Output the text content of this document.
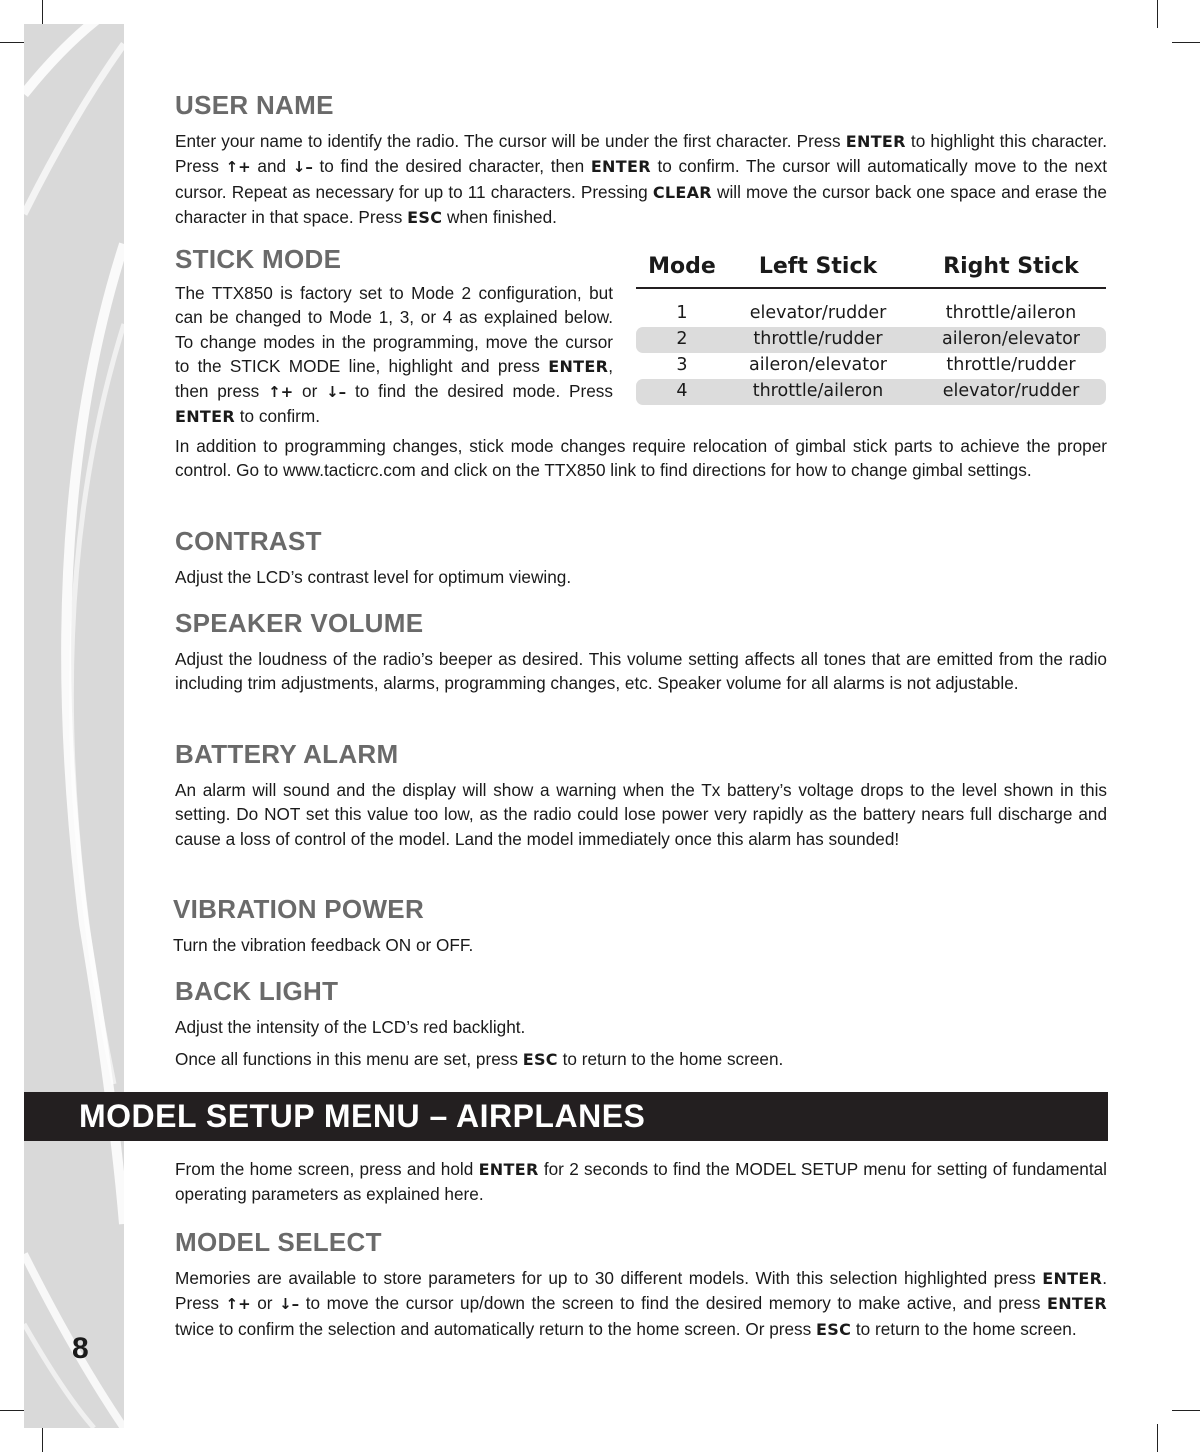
USER NAME

Enter your name to identify the radio. The cursor will be under the first character. Press ENTER to highlight this character. Press ↑+ and ↓– to find the desired character, then ENTER to confirm. The cursor will automatically move to the next cursor. Repeat as necessary for up to 11 characters. Pressing CLEAR will move the cursor back one space and erase the character in that space. Press ESC when finished.

STICK MODE

The TTX850 is factory set to Mode 2 configuration, but can be changed to Mode 1, 3, or 4 as explained below. To change modes in the programming, move the cursor to the STICK MODE line, highlight and press ENTER, then press ↑+ or ↓– to find the desired mode. Press ENTER to confirm.

Mode	Left Stick	Right Stick
1	elevator/rudder	throttle/aileron
2	throttle/rudder	aileron/elevator
3	aileron/elevator	throttle/rudder
4	throttle/aileron	elevator/rudder

In addition to programming changes, stick mode changes require relocation of gimbal stick parts to achieve the proper control. Go to www.tacticrc.com and click on the TTX850 link to find directions for how to change gimbal settings.

CONTRAST

Adjust the LCD’s contrast level for optimum viewing.

SPEAKER VOLUME

Adjust the loudness of the radio’s beeper as desired. This volume setting affects all tones that are emitted from the radio including trim adjustments, alarms, programming changes, etc. Speaker volume for all alarms is not adjustable.

BATTERY ALARM

An alarm will sound and the display will show a warning when the Tx battery’s voltage drops to the level shown in this setting. Do NOT set this value too low, as the radio could lose power very rapidly as the battery nears full discharge and cause a loss of control of the model. Land the model immediately once this alarm has sounded!

VIBRATION POWER

Turn the vibration feedback ON or OFF.

BACK LIGHT

Adjust the intensity of the LCD’s red backlight.

Once all functions in this menu are set, press ESC to return to the home screen.

MODEL SETUP MENU – AIRPLANES

From the home screen, press and hold ENTER for 2 seconds to find the MODEL SETUP menu for setting of fundamental operating parameters as explained here.

MODEL SELECT

Memories are available to store parameters for up to 30 different models. With this selection highlighted press ENTER. Press ↑+ or ↓– to move the cursor up/down the screen to find the desired memory to make active, and press ENTER twice to confirm the selection and automatically return to the home screen. Or press ESC to return to the home screen.

8
